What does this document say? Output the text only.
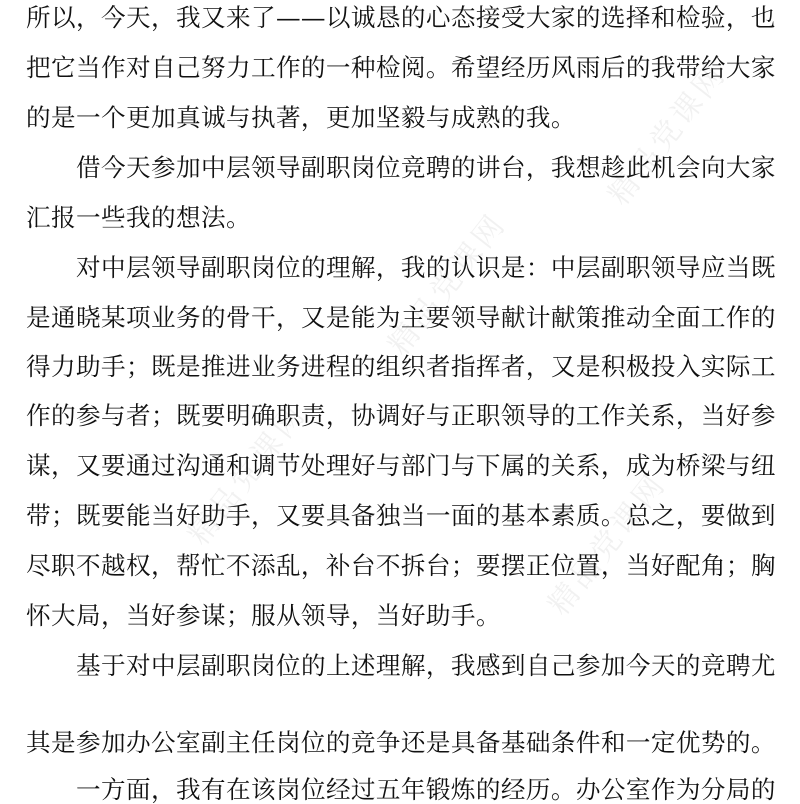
精品党课网
精品党课网
精品党课网
精品党课网
所以，今天，我又来了——以诚恳的心态接受大家的选择和检验，也
把它当作对自己努力工作的一种检阅。希望经历风雨后的我带给大家
的是一个更加真诚与执著，更加坚毅与成熟的我。
借今天参加中层领导副职岗位竞聘的讲台，我想趁此机会向大家
汇报一些我的想法。
对中层领导副职岗位的理解，我的认识是：中层副职领导应当既
是通晓某项业务的骨干，又是能为主要领导献计献策推动全面工作的
得力助手；既是推进业务进程的组织者指挥者，又是积极投入实际工
作的参与者；既要明确职责，协调好与正职领导的工作关系，当好参
谋，又要通过沟通和调节处理好与部门与下属的关系，成为桥梁与纽
带；既要能当好助手，又要具备独当一面的基本素质。总之，要做到
尽职不越权，帮忙不添乱，补台不拆台；要摆正位置，当好配角；胸
怀大局，当好参谋；服从领导，当好助手。
基于对中层副职岗位的上述理解，我感到自己参加今天的竞聘尤
其是参加办公室副主任岗位的竞争还是具备基础条件和一定优势的。
一方面，我有在该岗位经过五年锻炼的经历。办公室作为分局的
